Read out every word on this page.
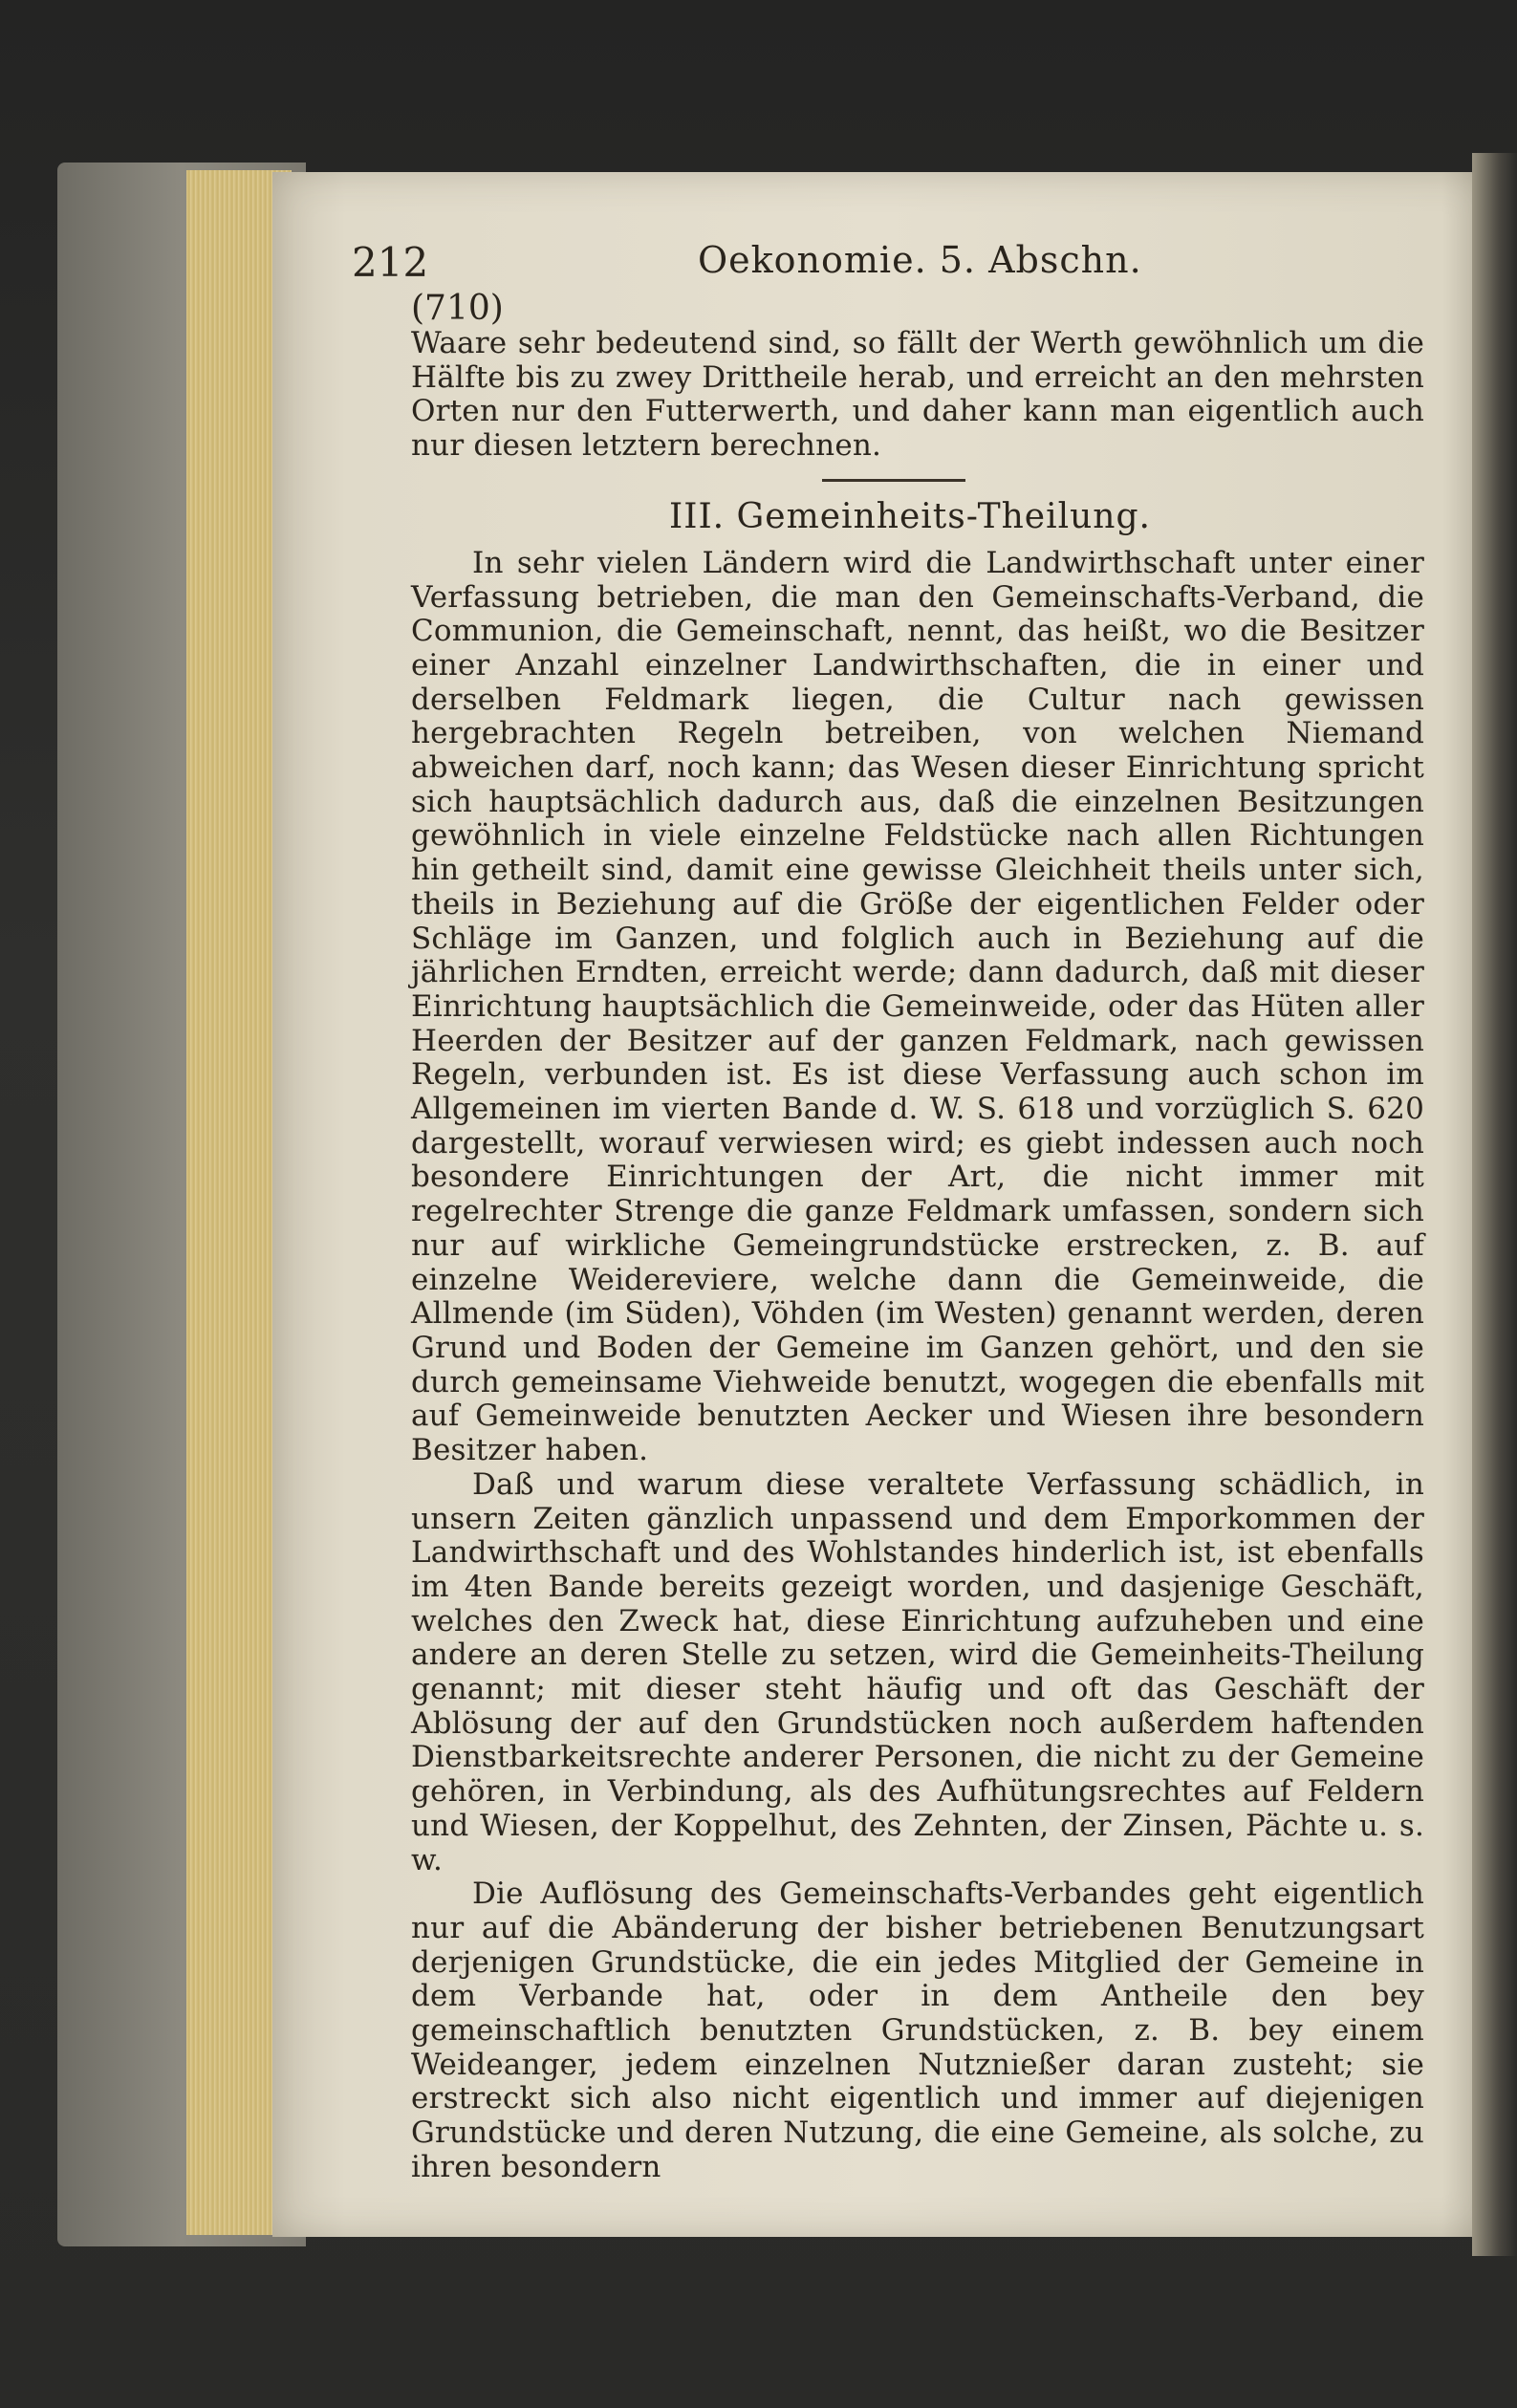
212	Oekonomie. 5. Abschn.
(710)

Waare sehr bedeutend sind, so fällt der Werth gewöhnlich um die Hälfte bis zu zwey Drittheile herab, und erreicht an den mehrsten Orten nur den Futterwerth, und daher kann man eigentlich auch nur diesen letztern berechnen.

III. Gemeinheits-Theilung.

In sehr vielen Ländern wird die Landwirthschaft unter einer Verfassung betrieben, die man den Gemeinschafts-Verband, die Communion, die Gemeinschaft, nennt, das heißt, wo die Besitzer einer Anzahl einzelner Landwirthschaften, die in einer und derselben Feldmark liegen, die Cultur nach gewissen hergebrachten Regeln betreiben, von welchen Niemand abweichen darf, noch kann; das Wesen dieser Einrichtung spricht sich hauptsächlich dadurch aus, daß die einzelnen Besitzungen gewöhnlich in viele einzelne Feldstücke nach allen Richtungen hin getheilt sind, damit eine gewisse Gleichheit theils unter sich, theils in Beziehung auf die Größe der eigentlichen Felder oder Schläge im Ganzen, und folglich auch in Beziehung auf die jährlichen Erndten, erreicht werde; dann dadurch, daß mit dieser Einrichtung hauptsächlich die Gemeinweide, oder das Hüten aller Heerden der Besitzer auf der ganzen Feldmark, nach gewissen Regeln, verbunden ist. Es ist diese Verfassung auch schon im Allgemeinen im vierten Bande d. W. S. 618 und vorzüglich S. 620 dargestellt, worauf verwiesen wird; es giebt indessen auch noch besondere Einrichtungen der Art, die nicht immer mit regelrechter Strenge die ganze Feldmark umfassen, sondern sich nur auf wirkliche Gemeingrundstücke erstrecken, z. B. auf einzelne Weidereviere, welche dann die Gemeinweide, die Allmende (im Süden), Vöhden (im Westen) genannt werden, deren Grund und Boden der Gemeine im Ganzen gehört, und den sie durch gemeinsame Viehweide benutzt, wogegen die ebenfalls mit auf Gemeinweide benutzten Aecker und Wiesen ihre besondern Besitzer haben.

Daß und warum diese veraltete Verfassung schädlich, in unsern Zeiten gänzlich unpassend und dem Emporkommen der Landwirthschaft und des Wohlstandes hinderlich ist, ist ebenfalls im 4ten Bande bereits gezeigt worden, und dasjenige Geschäft, welches den Zweck hat, diese Einrichtung aufzuheben und eine andere an deren Stelle zu setzen, wird die Gemeinheits-Theilung genannt; mit dieser steht häufig und oft das Geschäft der Ablösung der auf den Grundstücken noch außerdem haftenden Dienstbarkeitsrechte anderer Personen, die nicht zu der Gemeine gehören, in Verbindung, als des Aufhütungsrechtes auf Feldern und Wiesen, der Koppelhut, des Zehnten, der Zinsen, Pächte u. s. w.

Die Auflösung des Gemeinschafts-Verbandes geht eigentlich nur auf die Abänderung der bisher betriebenen Benutzungsart derjenigen Grundstücke, die ein jedes Mitglied der Gemeine in dem Verbande hat, oder in dem Antheile den bey gemeinschaftlich benutzten Grundstücken, z. B. bey einem Weideanger, jedem einzelnen Nutznießer daran zusteht; sie erstreckt sich also nicht eigentlich und immer auf diejenigen Grundstücke und deren Nutzung, die eine Gemeine, als solche, zu ihren besondern
